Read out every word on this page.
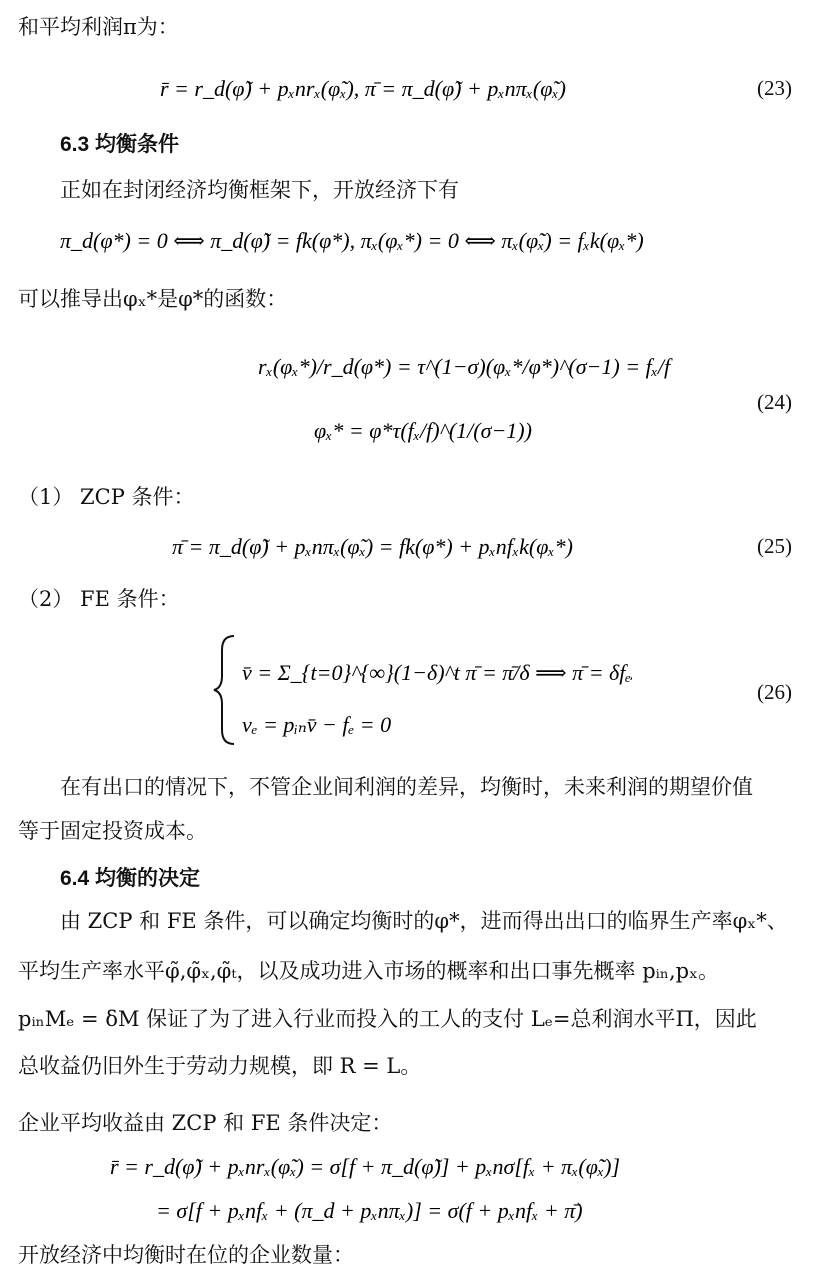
和平均利润π为：
r̄ = r_d(φ̃) + pₓnrₓ(φ̃ₓ), π̄ = π_d(φ̃) + pₓnπₓ(φ̃ₓ)	(23)
6.3 均衡条件
正如在封闭经济均衡框架下，开放经济下有
π_d(φ*) = 0 ⟺ π_d(φ̃) = fk(φ*), πₓ(φₓ*) = 0 ⟺ πₓ(φ̃ₓ) = fₓk(φₓ*)
可以推导出φₓ*是φ*的函数：
rₓ(φₓ*)/r_d(φ*) = τ^(1−σ)(φₓ*/φ*)^(σ−1) = fₓ/f
φₓ* = φ*τ(fₓ/f)^(1/(σ−1))
(24)
（1） ZCP 条件：
π̄ = π_d(φ̃) + pₓnπₓ(φ̃ₓ) = fk(φ*) + pₓnfₓk(φₓ*)	(25)
（2） FE 条件：
v̄ = Σ_{t=0}^{∞}(1−δ)^t π̄ = π̄/δ ⟹ π̄ = δfₑ/pᵢₙ
vₑ = pᵢₙv̄ − fₑ = 0
(26)
在有出口的情况下，不管企业间利润的差异，均衡时，未来利润的期望价值
等于固定投资成本。
6.4 均衡的决定
由 ZCP 和 FE 条件，可以确定均衡时的φ*，进而得出出口的临界生产率φₓ*、
平均生产率水平φ̃,φ̃ₓ,φ̃ₜ，以及成功进入市场的概率和出口事先概率 pᵢₙ,pₓ。
pᵢₙMₑ = δM 保证了为了进入行业而投入的工人的支付 Lₑ=总利润水平Π，因此
总收益仍旧外生于劳动力规模，即 R = L。
企业平均收益由 ZCP 和 FE 条件决定：
r̄ = r_d(φ̃) + pₓnrₓ(φ̃ₓ) = σ[f + π_d(φ̃)] + pₓnσ[fₓ + πₓ(φ̃ₓ)]
= σ[f + pₓnfₓ + (π_d + pₓnπₓ)] = σ(f + pₓnfₓ + π̄)
开放经济中均衡时在位的企业数量：
